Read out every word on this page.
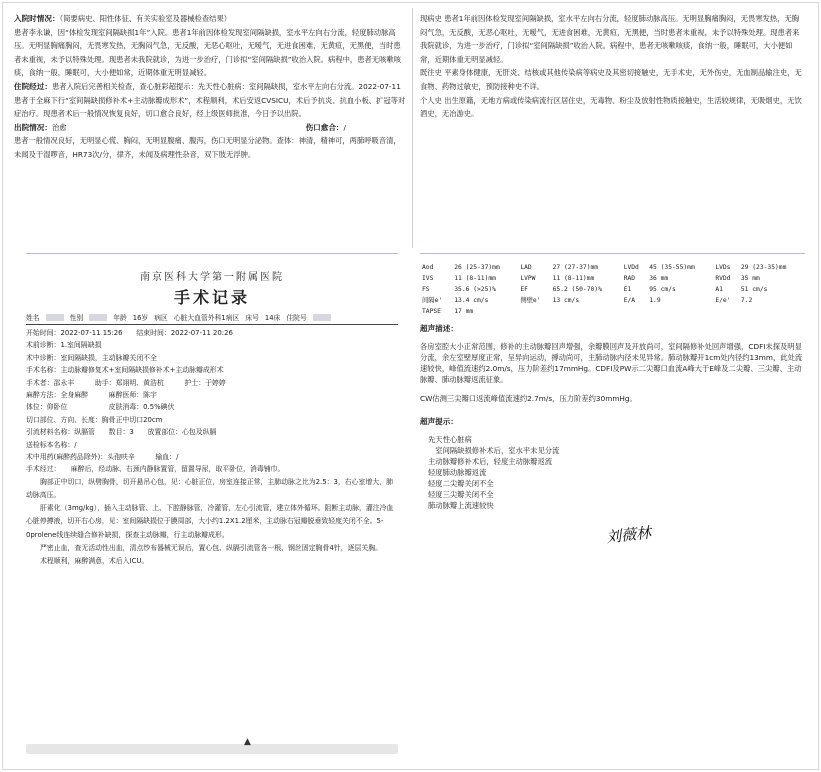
入院时情况：（简要病史、阳性体征、有关实验室及器械检查结果）

患者李永谦，因“体检发现室间隔缺损1年”入院。患者1年前因体检发现室间隔缺损，室水平左向右分流，轻度肺动脉高压。无明显胸痛胸闷，无畏寒发热，无胸闷气急，无反酸，无恶心呕吐，无嗳气，无进食困难，无黄疸，无黑便，当时患者未重视，未予以特殊处理。现患者未我院就诊，为进一步治疗，门诊拟“室间隔缺损”收治入院。病程中，患者无咳嗽咳痰，食纳一般，睡眠可，大小便如常，近期体重无明显减轻。

住院经过：患者入院后完善相关检查，查心脏彩超提示：先天性心脏病：室间隔缺损，室水平左向右分流。2022-07-11患者于全麻下行“室间隔缺损修补术+主动脉瓣成形术”，术程顺利，术后安返CVSICU，术后予抗炎、抗血小板、扩冠等对症治疗。现患者术后一般情况恢复良好，切口愈合良好，经上级医师批准，今日予以出院。

出院情况：治愈	伤口愈合：/

患者一般情况良好，无明显心慌、胸闷，无明显腹痛、腹泻，伤口无明显分泌物。查体：神清，精神可，两肺呼吸音清，未闻及干湿啰音，HR73次/分，律齐，未闻及病理性杂音，双下肢无浮肿。

现病史 患者1年前因体检发现室间隔缺损，室水平左向右分流，轻度肺动脉高压。无明显胸痛胸闷，无畏寒发热，无胸闷气急，无反酸，无恶心呕吐，无嗳气，无进食困难，无黄疸，无黑便，当时患者未重视，未予以特殊处理。现患者来我院就诊，为进一步治疗，门诊拟“室间隔缺损”收治入院。病程中，患者无咳嗽咳痰，食纳一般，睡眠可，大小便如常，近期体重无明显减轻。

既往史 平素身体健康，无肝炎、结核或其他传染病等病史及其密切接触史，无手术史，无外伤史，无血制品输注史，无食物、药物过敏史，预防接种史不详。

个人史 出生原籍，无地方病或传染病流行区居住史，无毒物、粉尘及放射性物质接触史，生活较规律，无吸烟史，无饮酒史，无冶游史。

南京医科大学第一附属医院
手术记录
姓名	性别	年龄 16岁 病区 心脏大血管外科1病区 床号 14床 住院号

开始时间：2022-07-11 15:26　　结束时间：2022-07-11 20:26

术前诊断：1.室间隔缺损

术中诊断：室间隔缺损，主动脉瓣关闭不全

手术名称：主动脉瓣修复术+室间隔缺损修补术+主动脉瓣成形术

手术者：邵永丰　　　助手：郑翊明、黄浩杭　　　护士：于婷婷

麻醉方法：全身麻醉　　　麻醉医师：陈宇

体位：仰卧位　　　　　　皮肤消毒：0.5%碘伏

切口部位、方向、长度：胸骨正中切口20cm

引流材料名称：纵膈管　　数目：3　　放置部位：心包及纵膈

送检标本名称：/

术中用药(麻醉药品除外)：头孢呋辛　　　输血：/

手术经过：　　麻醉后，经动脉、右颈内静脉置管，留置导尿，取平卧位，消毒铺巾。

胸部正中切口，纵劈胸骨，切开悬吊心包，见：心脏正位，房室连接正常，主肺动脉之比为2.5：3，右心室增大，肺动脉高压。

肝素化（3mg/kg），插入主动脉管、上、下腔静脉管，冷灌管，左心引流管，建立体外循环。阻断主动脉，灌注冷血心脏停搏液，切开右心房，见：室间隔缺损位于膜周部，大小约1.2X1.2厘米，主动脉右冠瓣脱垂致轻度关闭不全。5-0prolene线连续缝合修补缺损，探查主动脉瓣，行主动脉瓣成形。

严密止血，查无活动性出血，清点纱布器械无误后，置心包、纵膈引流管各一根，钢丝固定胸骨4针，逐层关胸。

术程顺利，麻醉满意，术后入ICU。

▲
Aod	26 (25-37)mm	LAD	27 (27-37)mm	LVDd	45 (35-55)mm	LVDs	29 (23-35)mm
IVS	11 (8-11)mm	LVPW	11 (8-11)mm	RAD	36 mm	RVDd	35 mm
FS	35.6 (>25)%	EF	65.2 (50-70)%	E1	95 cm/s	A1	51 cm/s
间隔e'	13.4 cm/s	侧壁e'	13 cm/s	E/A	1.9	E/e'	7.2
TAPSE	17 mm						

超声描述：

各房室腔大小正常范围，修补的主动脉瓣回声增强，余瓣膜回声及开放尚可，室间隔修补处回声增强，CDFI未探及明显分流，余左室壁厚度正常，呈异向运动，搏动尚可，主肺动脉内径未见异常。肺动脉瓣开1cm处内径约13mm，此处流速较快，峰值流速约2.0m/s，压力阶差约17mmHg。CDFI及PW示二尖瓣口血流A峰大于E峰及二尖瓣、三尖瓣、主动脉瓣、肺动脉瓣返流征象。

CW估测三尖瓣口返流峰值流速约2.7m/s，压力阶差约30mmHg。

超声提示：

先天性心脏病

　室间隔缺损修补术后，室水平未见分流

主动脉瓣修补术后，轻度主动脉瓣返流

轻度肺动脉瓣返流

轻度二尖瓣关闭不全

轻度三尖瓣关闭不全

肺动脉瓣上流速较快

刘薇林
